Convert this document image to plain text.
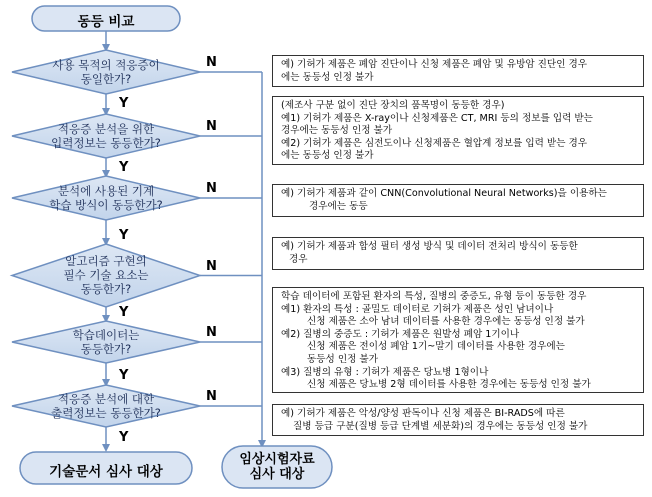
동등 비교
사용 목적의 적응증이
동일한가?
적응증 분석을 위한
입력정보는 동등한가?
분석에 사용된 기계
학습 방식이 동등한가?
알고리즘 구현의
필수 기술 요소는
동등한가?
학습데이터는
동등한가?
적응증 분석에 대한
출력정보는 동등한가?
Y
Y
Y
Y
Y
Y
N
N
N
N
N
N
기술문서 심사 대상
임상시험자료
심사 대상
예) 기허가 제품은 폐암 진단이나 신청 제품은 폐암 및 유방암 진단인 경우
에는 동등성 인정 불가
(제조사 구분 없이 진단 장치의 품목명이 동등한 경우)
예1) 기허가 제품은 X-ray이나 신청제품은 CT, MRI 등의 정보를 입력 받는
경우에는 동등성 인정 불가
예2) 기허가 제품은 심전도이나 신청제품은 혈압계 정보를 입력 받는 경우
에는 동등성 인정 불가
예) 기허가 제품과 같이 CNN(Convolutional Neural Networks)을 이용하는
경우에는 동등
예) 기허가 제품과 합성 필터 생성 방식 및 데이터 전처리 방식이 동등한
경우
학습 데이터에 포함된 환자의 특성, 질병의 중증도, 유형 등이 동등한 경우
예1) 환자의 특성 : 골밀도 데이터로 기허가 제품은 성인 남녀이나
신청 제품은 소아 남녀 데이터를 사용한 경우에는 동등성 인정 불가
예2) 질병의 중증도 : 기허가 제품은 원발성 폐암 1기이나
신청 제품은 전이성 폐암 1기~말기 데이터를 사용한 경우에는
동등성 인정 불가
예3) 질병의 유형 : 기허가 제품은 당뇨병 1형이나
신청 제품은 당뇨병 2형 데이터를 사용한 경우에는 동등성 인정 불가
예) 기허가 제품은 악성/양성 판독이나 신청 제품은 BI-RADS에 따른
질병 등급 구분(질병 등급 단계별 세분화)의 경우에는 동등성 인정 불가
